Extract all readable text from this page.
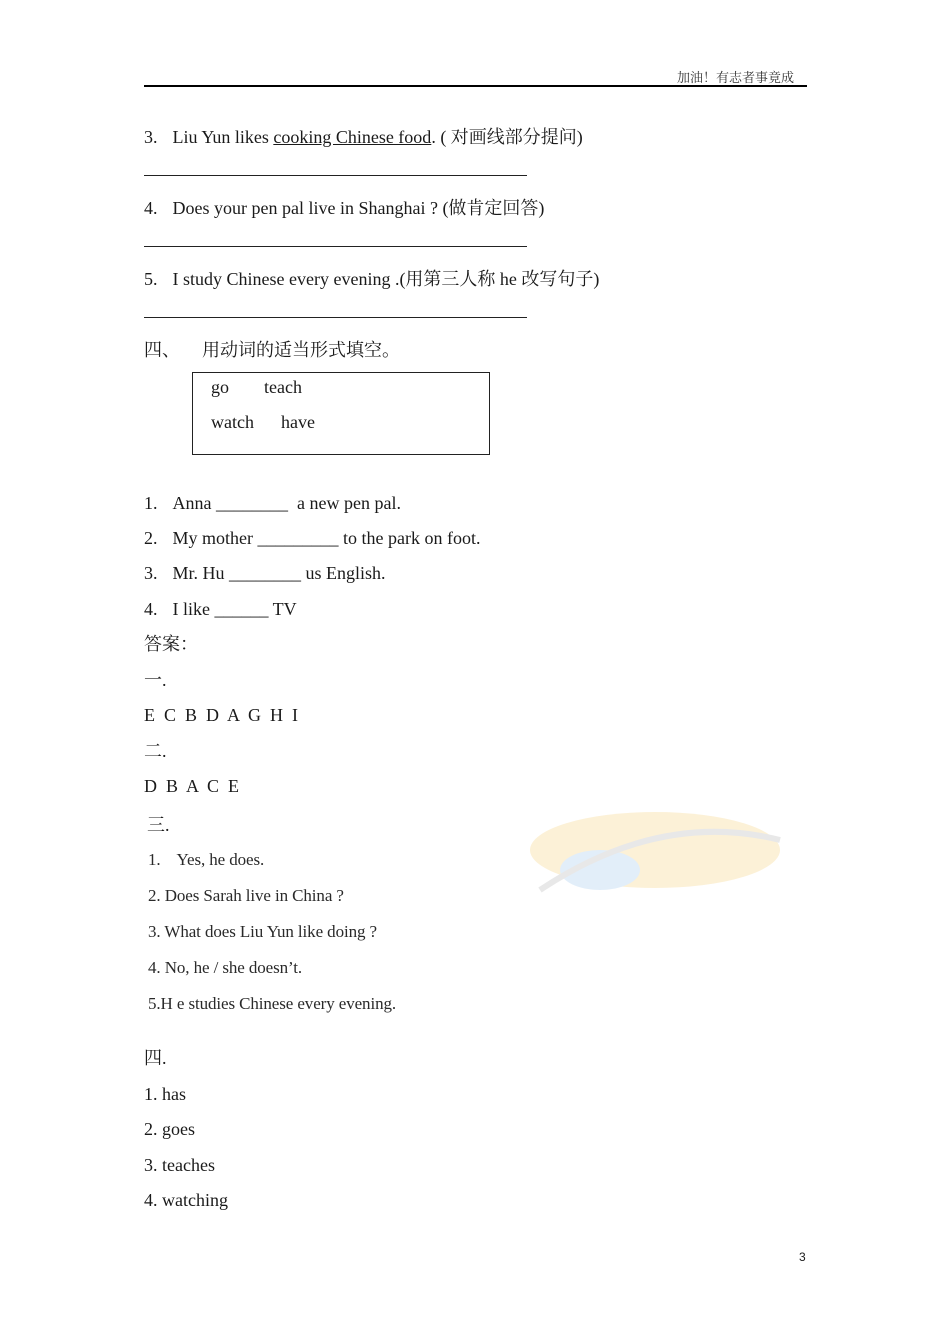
加油！有志者事竟成
3. Liu Yun likes cooking Chinese food. ( 对画线部分提问)
4. Does your pen pal live in Shanghai ? (做肯定回答)
5. I study Chinese every evening .(用第三人称 he 改写句子)
四、 用动词的适当形式填空。
go teach
watch have
1. Anna ________  a new pen pal.
2. My mother _________ to the park on foot.
3. Mr. Hu ________ us English.
4. I like ______ TV
答案：
一.
E  C  B  D  A  G  H  I
二.
D  B  A  C  E
三.
1.    Yes, he does.
2. Does Sarah live in China ?
3. What does Liu Yun like doing ?
4. No, he / she doesn’t.
5.H e studies Chinese every evening.
四.
1. has
2. goes
3. teaches
4. watching
3
